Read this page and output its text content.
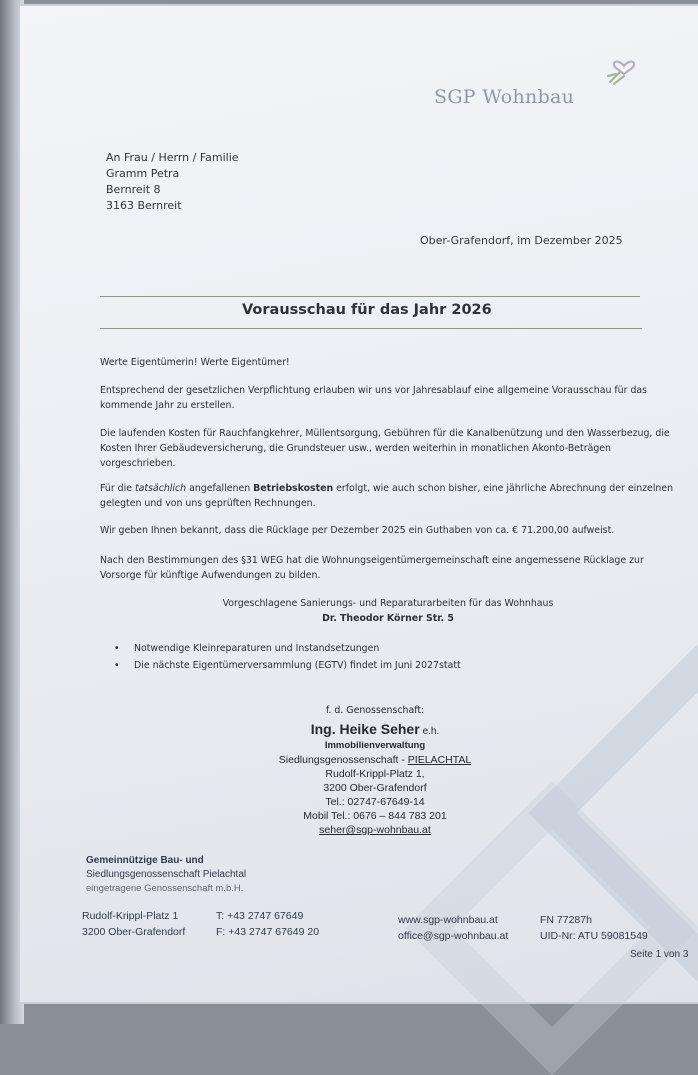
SGP Wohnbau
An Frau / Herrn / Familie
Gramm Petra
Bernreit 8
3163 Bernreit
Ober-Grafendorf, im Dezember 2025
Vorausschau für das Jahr 2026
Werte Eigentümerin! Werte Eigentümer!
Entsprechend der gesetzlichen Verpflichtung erlauben wir uns vor Jahresablauf eine allgemeine Vorausschau für das kommende Jahr zu erstellen.
Die laufenden Kosten für Rauchfangkehrer, Müllentsorgung, Gebühren für die Kanalbenützung und den Wasserbezug, die Kosten Ihrer Gebäudeversicherung, die Grundsteuer usw., werden weiterhin in monatlichen Akonto-Beträgen vorgeschrieben.
Für die tatsächlich angefallenen Betriebskosten erfolgt, wie auch schon bisher, eine jährliche Abrechnung der einzelnen gelegten und von uns geprüften Rechnungen.
Wir geben Ihnen bekannt, dass die Rücklage per Dezember 2025 ein Guthaben von ca. € 71.200,00 aufweist.
Nach den Bestimmungen des §31 WEG hat die Wohnungseigentümergemeinschaft eine angemessene Rücklage zur Vorsorge für künftige Aufwendungen zu bilden.
Vorgeschlagene Sanierungs- und Reparaturarbeiten für das Wohnhaus
Dr. Theodor Körner Str. 5
• Notwendige Kleinreparaturen und Instandsetzungen
• Die nächste Eigentümerversammlung (EGTV) findet im Juni 2027statt
f. d. Genossenschaft:
Ing. Heike Seher e.h.
Immobilienverwaltung
Siedlungsgenossenschaft - PIELACHTAL
Rudolf-Krippl-Platz 1,
3200 Ober-Grafendorf
Tel.: 02747-67649-14
Mobil Tel.: 0676 – 844 783 201
seher@sgp-wohnbau.at
Gemeinnützige Bau- und
Siedlungsgenossenschaft Pielachtal
eingetragene Genossenschaft m.b.H.
Rudolf-Krippl-Platz 1
3200 Ober-Grafendorf
T: +43 2747 67649
F: +43 2747 67649 20
www.sgp-wohnbau.at
office@sgp-wohnbau.at
FN 77287h
UID-Nr: ATU 59081549
Seite 1 von 3
